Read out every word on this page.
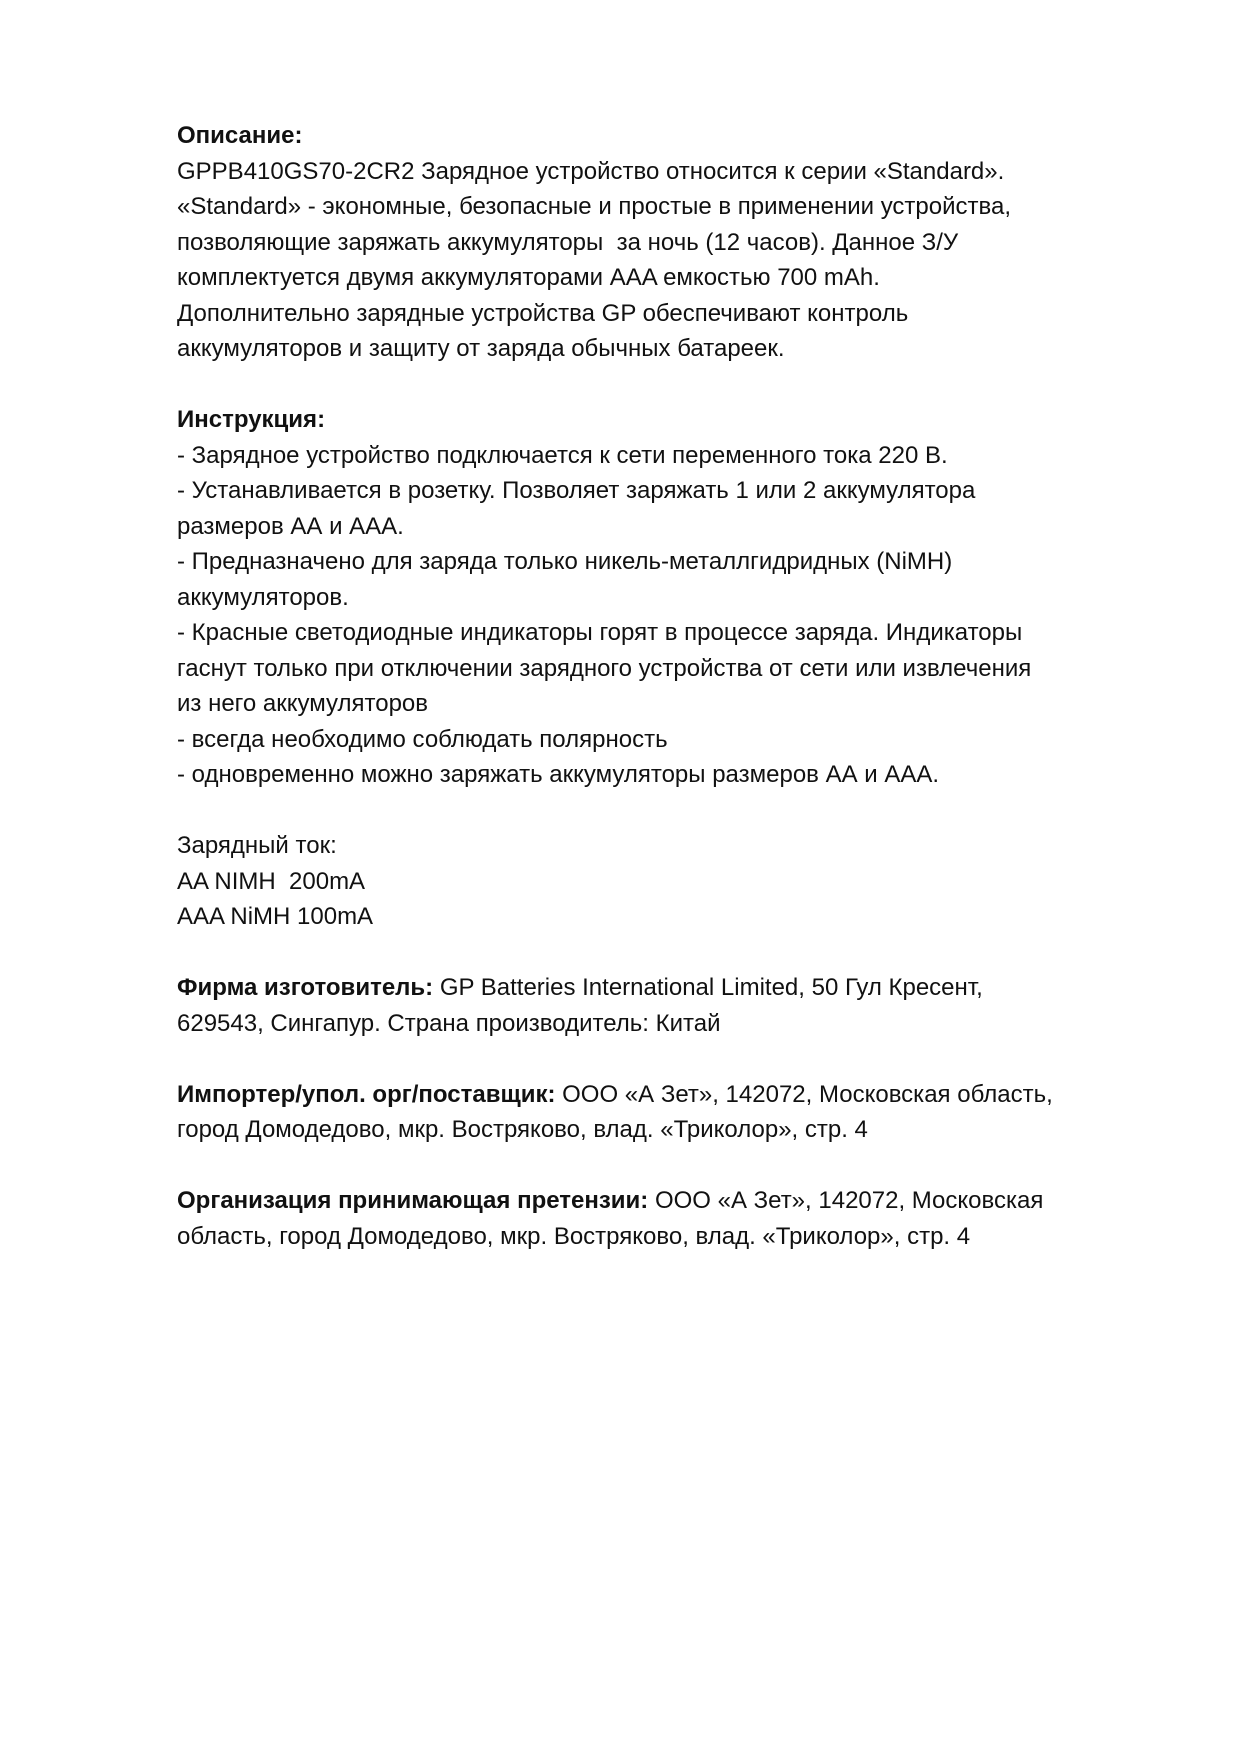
Описание:
GPPB410GS70-2CR2 Зарядное устройство относится к серии «Standard».
«Standard» - экономные, безопасные и простые в применении устройства,
позволяющие заряжать аккумуляторы  за ночь (12 часов). Данное З/У
комплектуется двумя аккумуляторами AAA емкостью 700 mAh.
Дополнительно зарядные устройства GP обеспечивают контроль
аккумуляторов и защиту от заряда обычных батареек.
Инструкция:
- Зарядное устройство подключается к сети переменного тока 220 В.
- Устанавливается в розетку. Позволяет заряжать 1 или 2 аккумулятора
размеров АА и ААА.
- Предназначено для заряда только никель-металлгидридных (NiMH)
аккумуляторов.
- Красные светодиодные индикаторы горят в процессе заряда. Индикаторы
гаснут только при отключении зарядного устройства от сети или извлечения
из него аккумуляторов
- всегда необходимо соблюдать полярность
- одновременно можно заряжать аккумуляторы размеров АА и ААА.
Зарядный ток:
AA NIMH  200mA
AAA NiMH 100mA
Фирма изготовитель: GP Batteries International Limited, 50 Гул Кресент,
629543, Сингапур. Страна производитель: Китай
Импортер/упол. орг/поставщик: ООО «А Зет», 142072, Московская область,
город Домодедово, мкр. Востряково, влад. «Триколор», стр. 4
Организация принимающая претензии: ООО «А Зет», 142072, Московская
область, город Домодедово, мкр. Востряково, влад. «Триколор», стр. 4
